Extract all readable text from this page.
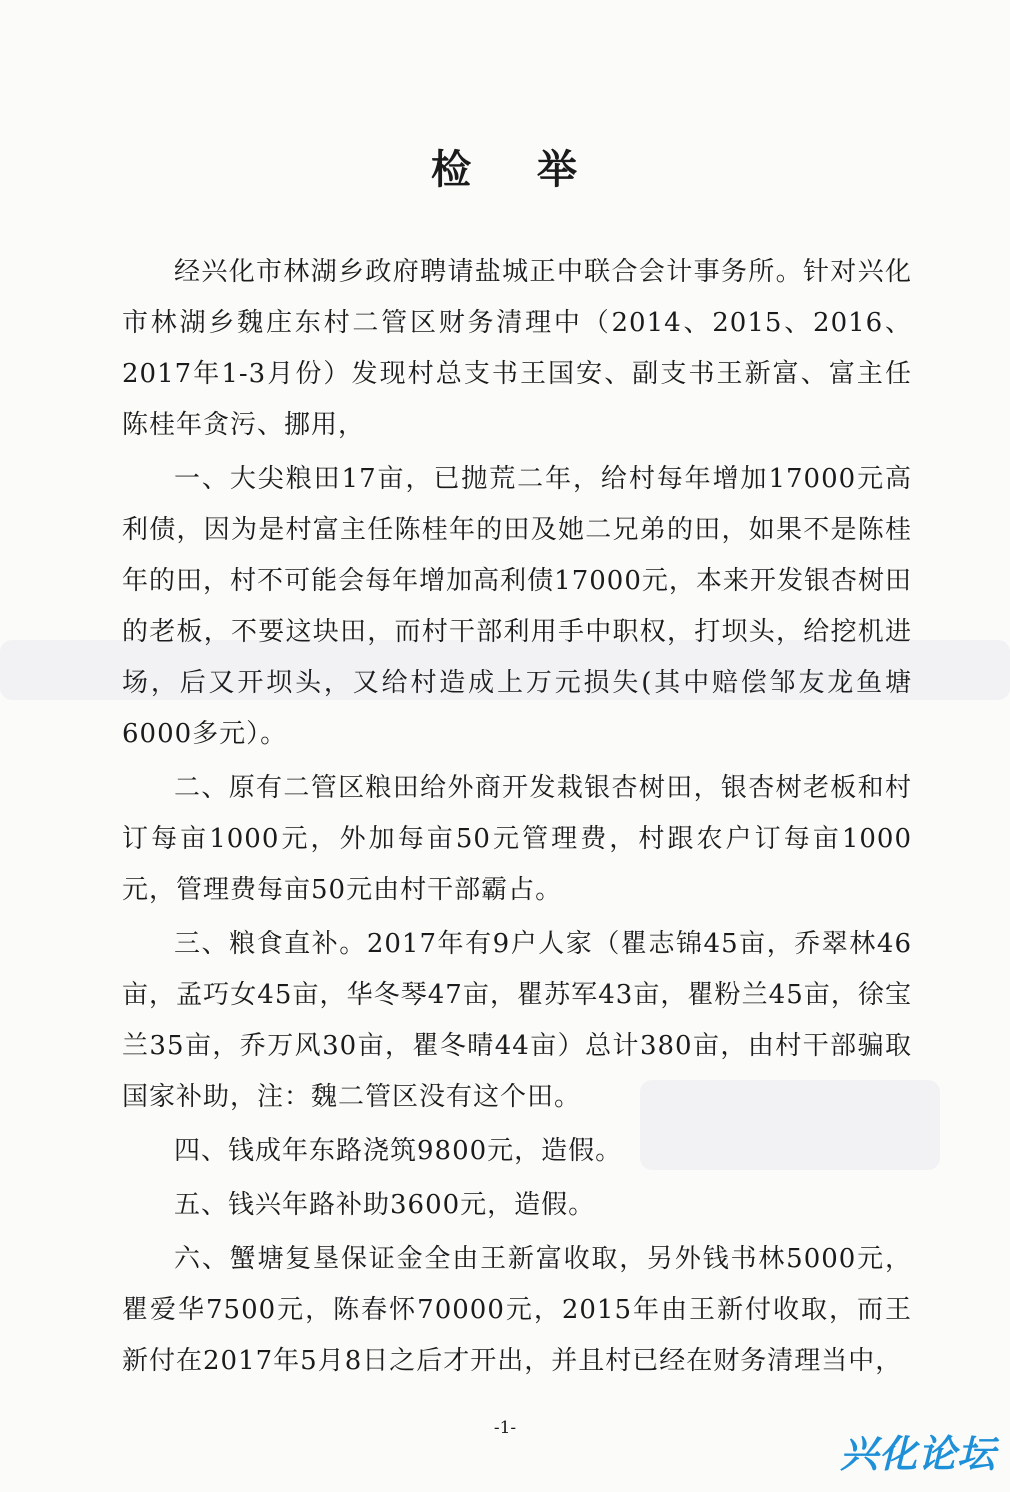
检 举

经兴化市林湖乡政府聘请盐城正中联合会计事务所。针对兴化市林湖乡魏庄东村二管区财务清理中（2014、2015、2016、2017年1-3月份）发现村总支书王国安、副支书王新富、富主任陈桂年贪污、挪用，

一、大尖粮田17亩，已抛荒二年，给村每年增加17000元高利债，因为是村富主任陈桂年的田及她二兄弟的田，如果不是陈桂年的田，村不可能会每年增加高利债17000元，本来开发银杏树田的老板，不要这块田，而村干部利用手中职权，打坝头，给挖机进场，后又开坝头，又给村造成上万元损失(其中赔偿邹友龙鱼塘6000多元）。

二、原有二管区粮田给外商开发栽银杏树田，银杏树老板和村订每亩1000元，外加每亩50元管理费，村跟农户订每亩1000元，管理费每亩50元由村干部霸占。

三、粮食直补。2017年有9户人家（瞿志锦45亩，乔翠林46亩，孟巧女45亩，华冬琴47亩，瞿苏军43亩，瞿粉兰45亩，徐宝兰35亩，乔万风30亩，瞿冬晴44亩）总计380亩，由村干部骗取国家补助，注：魏二管区没有这个田。

四、钱成年东路浇筑9800元，造假。

五、钱兴年路补助3600元，造假。

六、蟹塘复垦保证金全由王新富收取，另外钱书林5000元，瞿爱华7500元，陈春怀70000元，2015年由王新付收取，而王新付在2017年5月8日之后才开出，并且村已经在财务清理当中，

-1-
兴化论坛
